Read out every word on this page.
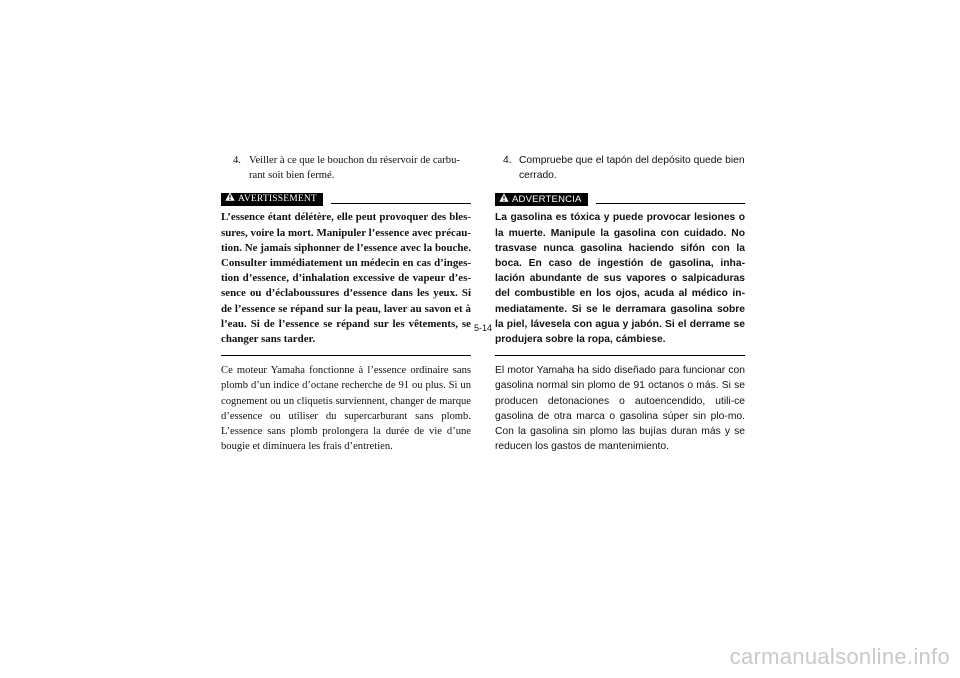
4. Veiller à ce que le bouchon du réservoir de carbu-rant soit bien fermé.
AVERTISSEMENT

L’essence étant délétère, elle peut provoquer des bles-sures, voire la mort. Manipuler l’essence avec précau-tion. Ne jamais siphonner de l’essence avec la bouche. Consulter immédiatement un médecin en cas d’inges-tion d’essence, d’inhalation excessive de vapeur d’es-sence ou d’éclaboussures d’essence dans les yeux. Si de l’essence se répand sur la peau, laver au savon et à l’eau. Si de l’essence se répand sur les vêtements, se changer sans tarder.

Ce moteur Yamaha fonctionne à l’essence ordinaire sans plomb d’un indice d’octane recherche de 91 ou plus. Si un cognement ou un cliquetis surviennent, changer de marque d’essence ou utiliser du supercarburant sans plomb. L’essence sans plomb prolongera la durée de vie d’une bougie et diminuera les frais d’entretien.

4. Compruebe que el tapón del depósito quede bien cerrado.
ADVERTENCIA

La gasolina es tóxica y puede provocar lesiones o la muerte. Manipule la gasolina con cuidado. No trasvase nunca gasolina haciendo sifón con la boca. En caso de ingestión de gasolina, inha-lación abundante de sus vapores o salpicaduras del combustible en los ojos, acuda al médico in-mediatamente. Si se le derramara gasolina sobre la piel, lávesela con agua y jabón. Si el derrame se produjera sobre la ropa, cámbiese.

El motor Yamaha ha sido diseñado para funcionar con gasolina normal sin plomo de 91 octanos o más. Si se producen detonaciones o autoencendido, utili-ce gasolina de otra marca o gasolina súper sin plo-mo. Con la gasolina sin plomo las bujías duran más y se reducen los gastos de mantenimiento.

5-14
carmanualsonline.info
